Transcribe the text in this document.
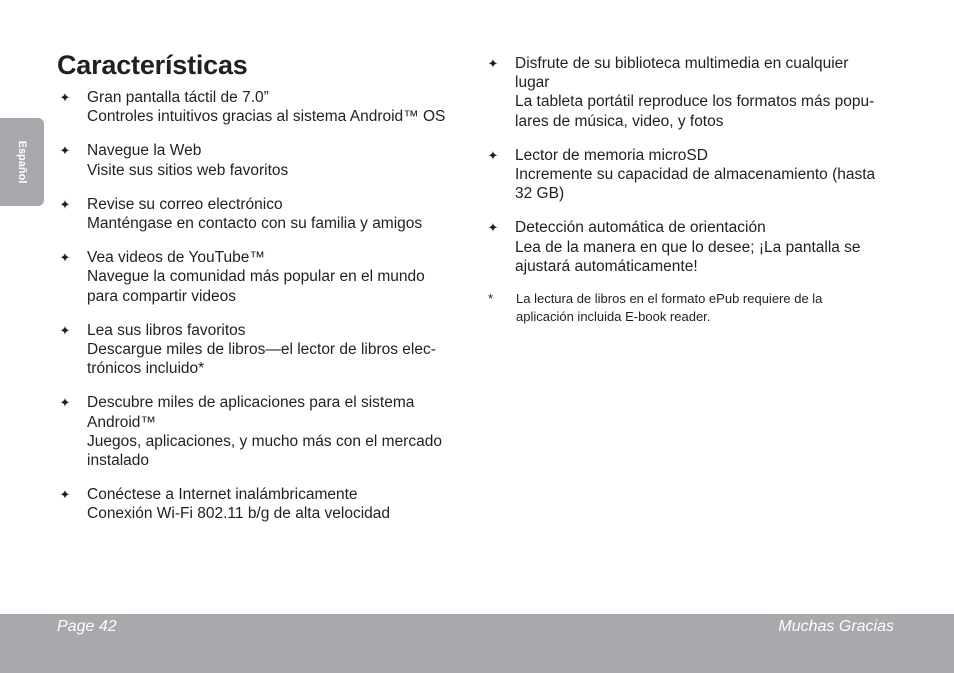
Español
Características
✦ Gran pantalla táctil de 7.0”
Controles intuitivos gracias al sistema Android™ OS
✦ Navegue la Web
Visite sus sitios web favoritos
✦ Revise su correo electrónico
Manténgase en contacto con su familia y amigos
✦ Vea videos de YouTube™
Navegue la comunidad más popular en el mundo
para compartir videos
✦ Lea sus libros favoritos
Descargue miles de libros—el lector de libros elec-
trónicos incluido*
✦ Descubre miles de aplicaciones para el sistema
Android™
Juegos, aplicaciones, y mucho más con el mercado
instalado
✦ Conéctese a Internet inalámbricamente
Conexión Wi-Fi 802.11 b/g de alta velocidad
✦ Disfrute de su biblioteca multimedia en cualquier
lugar
La tableta portátil reproduce los formatos más popu-
lares de música, video, y fotos
✦ Lector de memoria microSD
Incremente su capacidad de almacenamiento (hasta
32 GB)
✦ Detección automática de orientación
Lea de la manera en que lo desee; ¡La pantalla se
ajustará automáticamente!
* La lectura de libros en el formato ePub requiere de la
aplicación incluida E-book reader.
Page 42	Muchas Gracias
